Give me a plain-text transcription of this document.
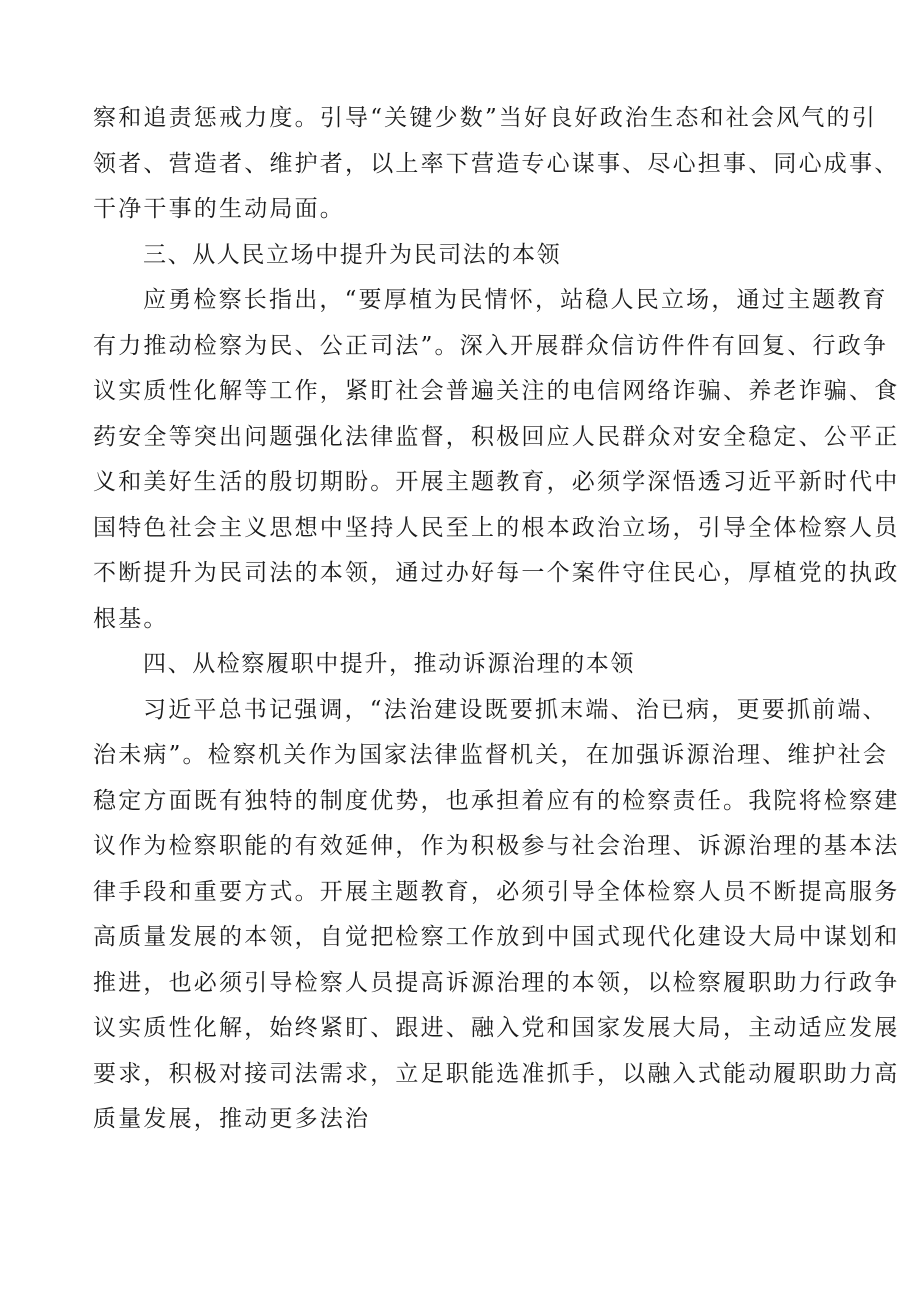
察和追责惩戒力度。引导“关键少数”当好良好政治生态和社会风气的引
领者、营造者、维护者，以上率下营造专心谋事、尽心担事、同心成事、
干净干事的生动局面。
三、从人民立场中提升为民司法的本领
应勇检察长指出，“要厚植为民情怀，站稳人民立场，通过主题教育
有力推动检察为民、公正司法”。深入开展群众信访件件有回复、行政争
议实质性化解等工作，紧盯社会普遍关注的电信网络诈骗、养老诈骗、食
药安全等突出问题强化法律监督，积极回应人民群众对安全稳定、公平正
义和美好生活的殷切期盼。开展主题教育，必须学深悟透习近平新时代中
国特色社会主义思想中坚持人民至上的根本政治立场，引导全体检察人员
不断提升为民司法的本领，通过办好每一个案件守住民心，厚植党的执政
根基。
四、从检察履职中提升，推动诉源治理的本领
习近平总书记强调，“法治建设既要抓末端、治已病，更要抓前端、
治未病”。检察机关作为国家法律监督机关，在加强诉源治理、维护社会
稳定方面既有独特的制度优势，也承担着应有的检察责任。我院将检察建
议作为检察职能的有效延伸，作为积极参与社会治理、诉源治理的基本法
律手段和重要方式。开展主题教育，必须引导全体检察人员不断提高服务
高质量发展的本领，自觉把检察工作放到中国式现代化建设大局中谋划和
推进，也必须引导检察人员提高诉源治理的本领，以检察履职助力行政争
议实质性化解，始终紧盯、跟进、融入党和国家发展大局，主动适应发展
要求，积极对接司法需求，立足职能选准抓手，以融入式能动履职助力高
质量发展，推动更多法治
